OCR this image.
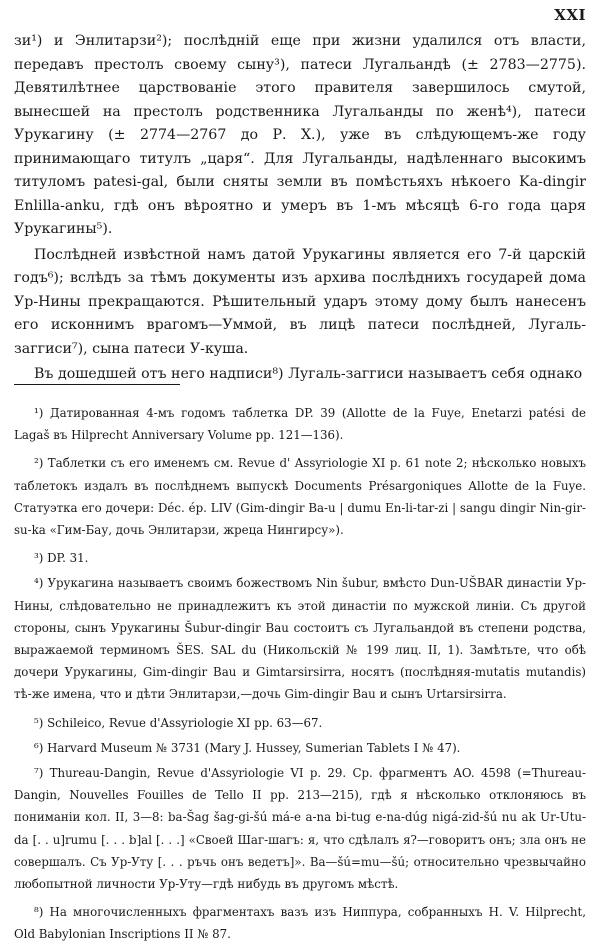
XXI

зи¹) и Энлитарзи²); послѣдній еще при жизни удалился отъ власти, передавъ престолъ своему сыну³), патеси Лугальандѣ (± 2783—2775). Девятилѣтнее царствованіе этого правителя завершилось смутой, вынесшей на престолъ родственника Лугальанды по женѣ⁴), патеси Урукагину (± 2774—2767 до Р. Х.), уже въ слѣдующемъ-же году принимающаго титулъ „царя“. Для Лугальанды, надѣленнаго высокимъ титуломъ patesi-gal, были сняты земли въ помѣстьяхъ нѣкоего Ka-dingir Enlilla-anku, гдѣ онъ вѣроятно и умеръ въ 1-мъ мѣсяцѣ 6-го года царя Урукагины⁵).

Послѣдней извѣстной намъ датой Урукагины является его 7-й царскій годъ⁶); вслѣдъ за тѣмъ документы изъ архива послѣднихъ государей дома Ур-Нины прекращаются. Рѣшительный ударъ этому дому былъ нанесенъ его исконнимъ врагомъ—Уммой, въ лицѣ патеси послѣдней, Лугаль-заггиси⁷), сына патеси У-куша.

Въ дошедшей отъ него надписи⁸) Лугаль-заггиси называетъ себя однако

¹) Датированная 4-мъ годомъ таблетка DP. 39 (Allotte de la Fuye, Enetarzi patési de Lagaš въ Hilprecht Anniversary Volume pp. 121—136).

²) Таблетки съ его именемъ см. Revue d' Assyriologie XI p. 61 note 2; нѣсколько новыхъ таблетокъ издалъ въ послѣднемъ выпускѣ Documents Présargoniques Allotte de la Fuye. Статуэтка его дочери: Déc. ép. LIV (Gim-dingir Ba-u | dumu En-li-tar-zi | sangu dingir Nin-gir-su-ka «Гим-Бау, дочь Энлитарзи, жреца Нингирсу»).

³) DP. 31.

⁴) Урукагина называетъ своимъ божествомъ Nin šubur, вмѣсто Dun-UŠBAR династіи Ур-Нины, слѣдовательно не принадлежитъ къ этой династіи по мужской линіи. Съ другой стороны, сынъ Урукагины Šubur-dingir Bau состоитъ съ Лугальандой въ степени родства, выражаемой терминомъ ŠES. SAL du (Никольскій № 199 лиц. II, 1). Замѣтьте, что обѣ дочери Урукагины, Gim-dingir Bau и Gimtarsirsirra, носятъ (послѣдняя-mutatis mutandis) тѣ-же имена, что и дѣти Энлитарзи,—дочь Gim-dingir Bau и сынъ Urtarsirsirra.

⁵) Schileico, Revue d'Assyriologie XI pp. 63—67.

⁶) Harvard Museum № 3731 (Mary J. Hussey, Sumerian Tablets I № 47).

⁷) Thureau-Dangin, Revue d'Assyriologie VI p. 29. Ср. фрагментъ AO. 4598 (=Thureau-Dangin, Nouvelles Fouilles de Tello II pp. 213—215), гдѣ я нѣсколько отклоняюсь въ пониманіи кол. II, 3—8: ba-Šag šag-gi-šú má-e a-na bi-tug e-na-dúg nigá-zid-šú nu ak Ur-Utu-da [. . u]rumu [. . . b]al [. . .] «Своей Шаг-шагъ: я, что сдѣлалъ я?—говоритъ онъ; зла онъ не совершалъ. Съ Ур-Уту [. . . ръчь онъ ведетъ]». Ba—šú=mu—šú; относительно чрезвычайно любопытной личности Ур-Уту—гдѣ нибудь въ другомъ мѣстѣ.

⁸) На многочисленныхъ фрагментахъ вазъ изъ Ниппура, собранныхъ H. V. Hilprecht, Old Babylonian Inscriptions II № 87.
